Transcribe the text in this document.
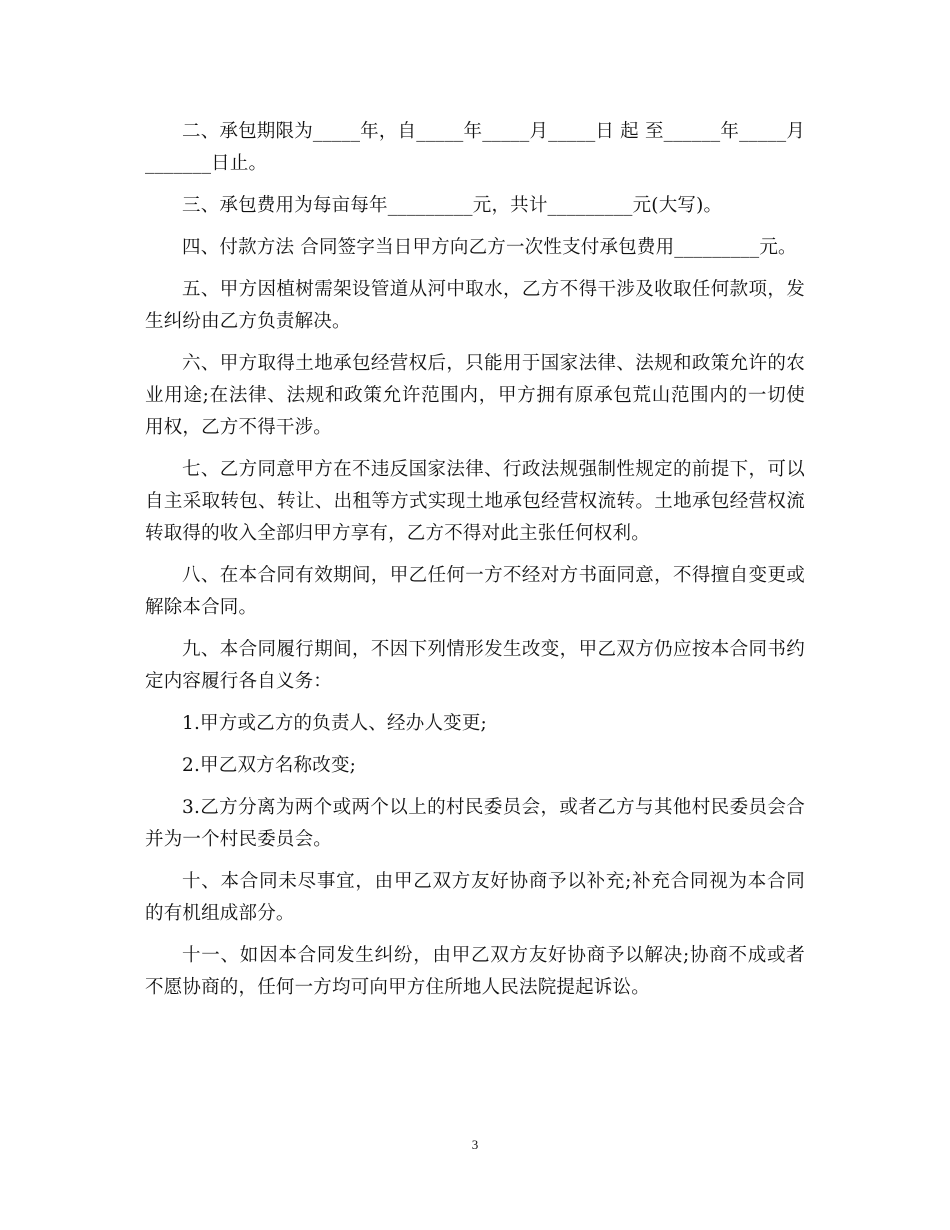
二、承包期限为_____年，自_____年_____月_____日 起 至______年_____月_______日止。

三、承包费用为每亩每年_________元，共计_________元(大写)。

四、付款方法 合同签字当日甲方向乙方一次性支付承包费用_________元。

五、甲方因植树需架设管道从河中取水，乙方不得干涉及收取任何款项，发生纠纷由乙方负责解决。

六、甲方取得土地承包经营权后，只能用于国家法律、法规和政策允许的农业用途;在法律、法规和政策允许范围内，甲方拥有原承包荒山范围内的一切使用权，乙方不得干涉。

七、乙方同意甲方在不违反国家法律、行政法规强制性规定的前提下，可以自主采取转包、转让、出租等方式实现土地承包经营权流转。土地承包经营权流转取得的收入全部归甲方享有，乙方不得对此主张任何权利。

八、在本合同有效期间，甲乙任何一方不经对方书面同意，不得擅自变更或解除本合同。

九、本合同履行期间，不因下列情形发生改变，甲乙双方仍应按本合同书约定内容履行各自义务：

1.甲方或乙方的负责人、经办人变更;

2.甲乙双方名称改变;

3.乙方分离为两个或两个以上的村民委员会，或者乙方与其他村民委员会合并为一个村民委员会。

十、本合同未尽事宜，由甲乙双方友好协商予以补充;补充合同视为本合同的有机组成部分。

十一、如因本合同发生纠纷，由甲乙双方友好协商予以解决;协商不成或者不愿协商的，任何一方均可向甲方住所地人民法院提起诉讼。

3
